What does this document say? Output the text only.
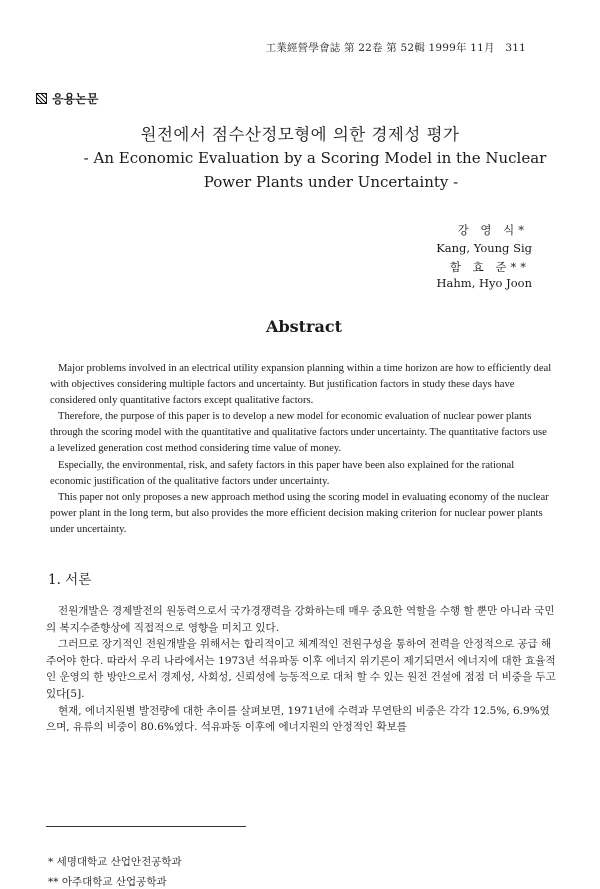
工業經營學會誌 第 22卷 第 52輯 1999年 11月 311
응용논문
원전에서 점수산정모형에 의한 경제성 평가
- An Economic Evaluation by a Scoring Model in the Nuclear
Power Plants under Uncertainty -
강 영 식*
Kang, Young Sig
함 효 준**
Hahm, Hyo Joon
Abstract

Major problems involved in an electrical utility expansion planning within a time horizon are how to efficiently deal with objectives considering multiple factors and uncertainty. But justification factors in study these days have considered only quantitative factors except qualitative factors.

Therefore, the purpose of this paper is to develop a new model for economic evaluation of nuclear power plants through the scoring model with the quantitative and qualitative factors under uncertainty. The quantitative factors use a levelized generation cost method considering time value of money.

Especially, the environmental, risk, and safety factors in this paper have been also explained for the rational economic justification of the qualitative factors under uncertainty.

This paper not only proposes a new approach method using the scoring model in evaluating economy of the nuclear power plant in the long term, but also provides the more efficient decision making criterion for nuclear power plants under uncertainty.

1. 서론

전원개발은 경제발전의 원동력으로서 국가경쟁력을 강화하는데 매우 중요한 역할을 수행 할 뿐만 아니라 국민의 복지수준향상에 직접적으로 영향을 미치고 있다.

그러므로 장기적인 전원개발을 위해서는 합리적이고 체계적인 전원구성을 통하여 전력을 안정적으로 공급 해 주어야 한다. 따라서 우리 나라에서는 1973년 석유파동 이후 에너지 위기론이 제기되면서 에너지에 대한 효율적인 운영의 한 방안으로서 경제성, 사회성, 신뢰성에 능동적으로 대처 할 수 있는 원전 건설에 점점 더 비중을 두고 있다[5].

현재, 에너지원별 발전량에 대한 추이를 살펴보면, 1971년에 수력과 무연탄의 비중은 각각 12.5%, 6.9%였으며, 유류의 비중이 80.6%였다. 석유파동 이후에 에너지원의 안정적인 확보를

* 세명대학교 산업안전공학과
** 아주대학교 산업공학과
